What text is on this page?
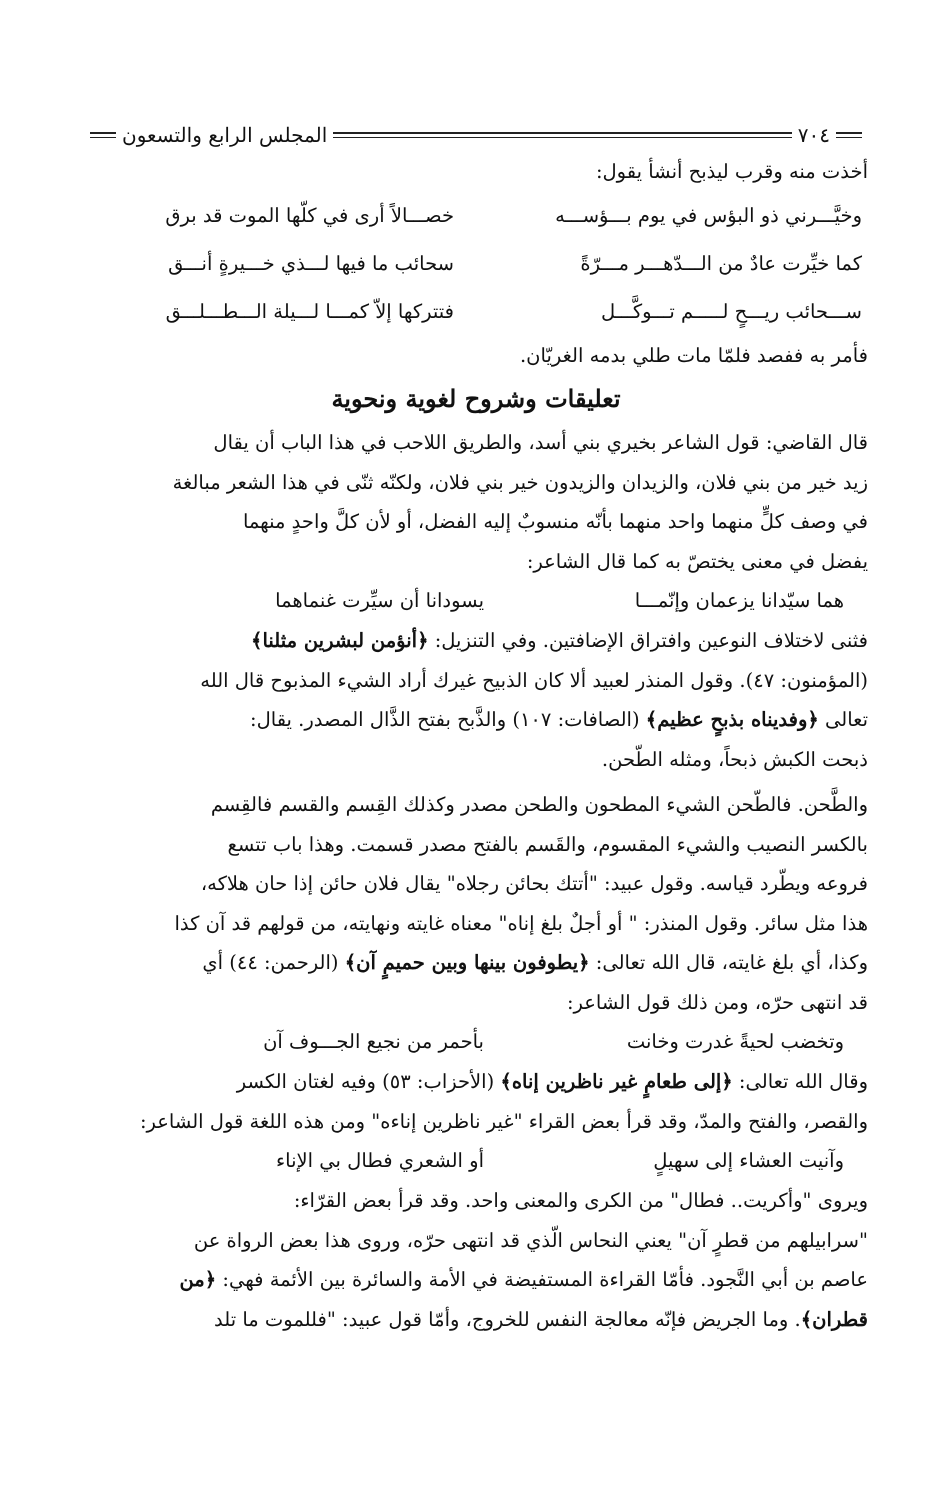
٧٠٤
المجلس الرابع والتسعون

أخذت منه وقرب ليذبح أنشأ يقول:

وخيَّـــرني ذو البؤس في يوم بـــؤســـه
خصـــالاً أرى في كلّها الموت قد برق
كما خيِّرت عادٌ من الـــدّهـــر مـــرّةً
سحائب ما فيها لـــذي خـــيرةٍ أنـــق
ســـحائب ريـــحٍ لـــــم تـــوكَّـــل
فتتركها إلاّ كمـــا لـــيلة الـــطـــلـــق

فأمر به ففصد فلمّا مات طلي بدمه الغريّان.

تعليقات وشروح لغوية ونحوية

قال القاضي: قول الشاعر بخيري بني أسد، والطريق اللاحب في هذا الباب أن يقال

زيد خير من بني فلان، والزيدان والزيدون خير بني فلان، ولكنّه ثنّى في هذا الشعر مبالغة

في وصف كلٍّ منهما واحد منهما بأنّه منسوبٌ إليه الفضل، أو لأن كلَّ واحدٍ منهما

يفضل في معنى يختصّ به كما قال الشاعر:

هما سيّدانا يزعمان وإنّمـــا
يسودانا أن سيِّرت غنماهما

فثنى لاختلاف النوعين وافتراق الإضافتين. وفي التنزيل: ﴿أنؤمن لبشرين مثلنا﴾

(المؤمنون: ٤٧). وقول المنذر لعبيد ألا كان الذبيح غيرك أراد الشيء المذبوح قال الله

تعالى ﴿وفديناه بذبحٍ عظيم﴾ (الصافات: ١٠٧) والذَّبح بفتح الذَّال المصدر. يقال:

ذبحت الكبش ذبحاً، ومثله الطّحن.

والطَّحن. فالطّحن الشيء المطحون والطحن مصدر وكذلك القِسم والقسم فالقِسم

بالكسر النصيب والشيء المقسوم، والقَسم بالفتح مصدر قسمت. وهذا باب تتسع

فروعه ويطّرد قياسه. وقول عبيد: "أتتك بحائن رجلاه" يقال فلان حائن إذا حان هلاكه،

هذا مثل سائر. وقول المنذر: " أو أجلٌ بلغ إناه" معناه غايته ونهايته، من قولهم قد آن كذا

وكذا، أي بلغ غايته، قال الله تعالى: ﴿يطوفون بينها وبين حميمٍ آن﴾ (الرحمن: ٤٤) أي

قد انتهى حرّه، ومن ذلك قول الشاعر:

وتخضب لحيةً غدرت وخانت
بأحمر من نجيع الجـــوف آن

وقال الله تعالى: ﴿إلى طعامٍ غير ناظرين إناه﴾ (الأحزاب: ٥٣) وفيه لغتان الكسر

والقصر، والفتح والمدّ، وقد قرأ بعض القراء "غير ناظرين إناءه" ومن هذه اللغة قول الشاعر:

وآنيت العشاء إلى سهيلٍ
أو الشعري فطال بي الإناء

ويروى "وأكريت.. فطال" من الكرى والمعنى واحد. وقد قرأ بعض القرّاء:

"سرابيلهم من قطرٍ آن" يعني النحاس الّذي قد انتهى حرّه، وروى هذا بعض الرواة عن

عاصم بن أبي النَّجود. فأمّا القراءة المستفيضة في الأمة والسائرة بين الأئمة فهي: ﴿من

قطران﴾. وما الجريض فإنّه معالجة النفس للخروج، وأمّا قول عبيد: "فللموت ما تلد
